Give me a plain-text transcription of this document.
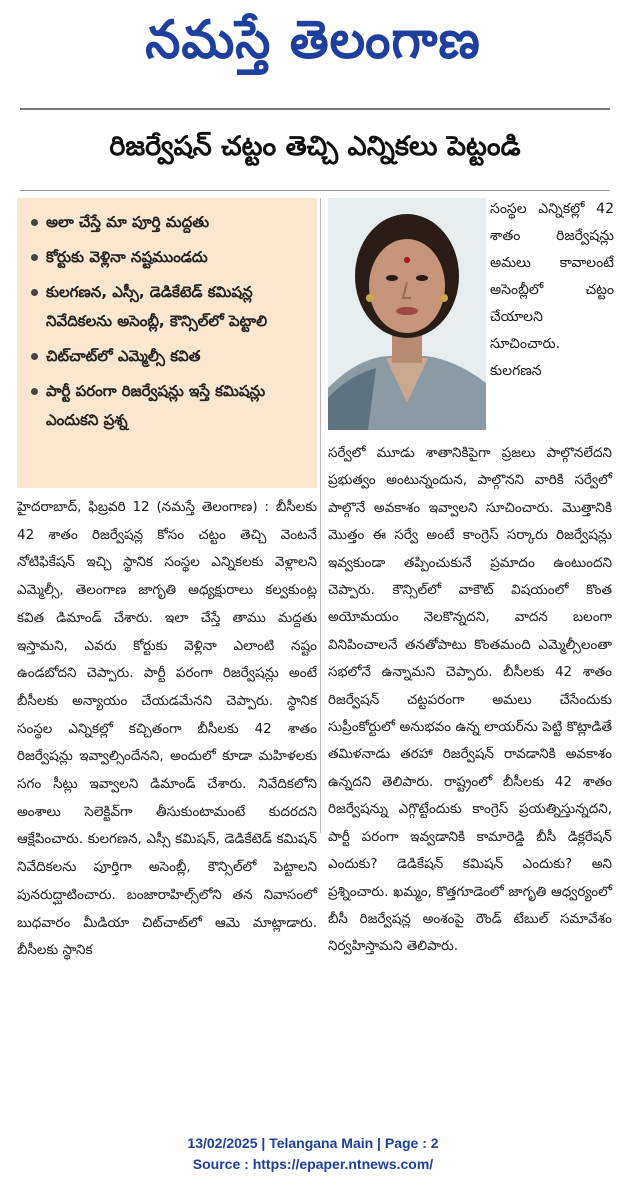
నమస్తే తెలంగాణ
రిజర్వేషన్ చట్టం తెచ్చి ఎన్నికలు పెట్టండి
అలా చేస్తే మా పూర్తి మద్దతు
కోర్టుకు వెళ్లినా నష్టముండదు
కులగణన, ఎస్సీ, డెడికేటెడ్ కమిషన్ల నివేదికలను అసెంబ్లీ, కౌన్సిల్‌లో పెట్టాలి
చిట్‌చాట్‌లో ఎమ్మెల్సీ కవిత
పార్టీ పరంగా రిజర్వేషన్లు ఇస్తే కమిషన్లు ఎందుకని ప్రశ్న

సంస్థల ఎన్నికల్లో 42 శాతం రిజర్వేషన్లు అమలు కావాలంటే అసెంబ్లీలో చట్టం చేయాలని సూచించారు. కులగణన

హైదరాబాద్, ఫిబ్రవరి 12 (నమస్తే తెలంగాణ) : బీసీలకు 42 శాతం రిజర్వేషన్ల కోసం చట్టం తెచ్చి వెంటనే నోటిఫికేషన్ ఇచ్చి స్థానిక సంస్థల ఎన్నికలకు వెళ్లాలని ఎమ్మెల్సీ, తెలంగాణ జాగృతి అధ్యక్షురాలు కల్వకుంట్ల కవిత డిమాండ్ చేశారు. ఇలా చేస్తే తాము మద్దతు ఇస్తామని, ఎవరు కోర్టుకు వెళ్లినా ఎలాంటి నష్టం ఉండబోదని చెప్పారు. పార్టీ పరంగా రిజర్వేషన్లు అంటే బీసీలకు అన్యాయం చేయడమేనని చెప్పారు. స్థానిక సంస్థల ఎన్నికల్లో కచ్చితంగా బీసీలకు 42 శాతం రిజర్వేషన్లు ఇవ్వాల్సిందేనని, అందులో కూడా మహిళలకు సగం సీట్లు ఇవ్వాలని డిమాండ్ చేశారు. నివేదికలోని అంశాలు సెలెక్టివ్‌గా తీసుకుంటామంటే కుదరదని ఆక్షేపించారు. కులగణన, ఎస్సీ కమిషన్, డెడికేటెడ్ కమిషన్ నివేదికలను పూర్తిగా అసెంబ్లీ, కౌన్సిల్‌లో పెట్టాలని పునరుద్ఘాటించారు. బంజారాహిల్స్‌లోని తన నివాసంలో బుధవారం మీడియా చిట్‌చాట్‌లో ఆమె మాట్లాడారు. బీసీలకు స్థానిక

సర్వేలో మూడు శాతానికిపైగా ప్రజలు పాల్గొనలేదని ప్రభుత్వం అంటున్నందున, పాల్గొనని వారికి సర్వేలో పాల్గొనే అవకాశం ఇవ్వాలని సూచించారు. మొత్తానికి మొత్తం ఈ సర్వే అంటే కాంగ్రెస్ సర్కారు రిజర్వేషన్లు ఇవ్వకుండా తప్పించుకునే ప్రమాదం ఉంటుందని చెప్పారు. కౌన్సిల్‌లో వాకౌట్ విషయంలో కొంత అయోమయం నెలకొన్నదని, వాదన బలంగా వినిపించాలనే తనతోపాటు కొంతమంది ఎమ్మెల్సీలంతా సభలోనే ఉన్నామని చెప్పారు. బీసీలకు 42 శాతం రిజర్వేషన్ చట్టపరంగా అమలు చేసేందుకు సుప్రీంకోర్టులో అనుభవం ఉన్న లాయర్‌ను పెట్టి కొట్లాడితే తమిళనాడు తరహా రిజర్వేషన్ రావడానికి అవకాశం ఉన్నదని తెలిపారు. రాష్ట్రంలో బీసీలకు 42 శాతం రిజర్వేషన్ను ఎగ్గొట్టేందుకు కాంగ్రెస్ ప్రయత్నిస్తున్నదని, పార్టీ పరంగా ఇవ్వడానికి కామారెడ్డి బీసీ డిక్లరేషన్ ఎందుకు? డెడికేషన్ కమిషన్ ఎందుకు? అని ప్రశ్నించారు. ఖమ్మం, కొత్తగూడెంలో జాగృతి ఆధ్వర్యంలో బీసీ రిజర్వేషన్ల అంశంపై రౌండ్ టేబుల్ సమావేశం నిర్వహిస్తామని తెలిపారు.

13/02/2025 | Telangana Main | Page : 2
Source : https://epaper.ntnews.com/
